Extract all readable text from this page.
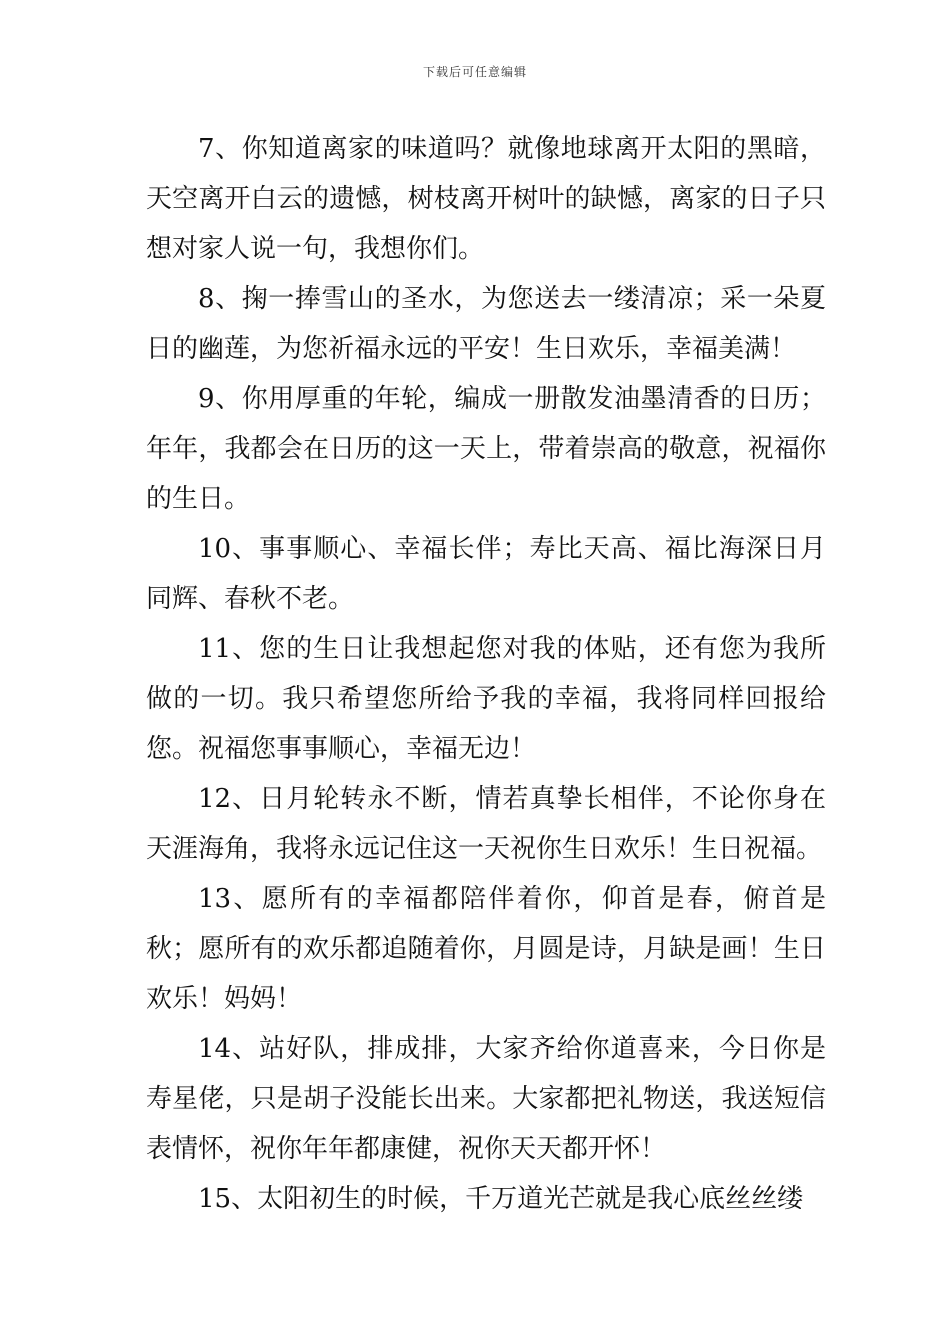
下载后可任意编辑

7、你知道离家的味道吗？就像地球离开太阳的黑暗，天空离开白云的遗憾，树枝离开树叶的缺憾，离家的日子只想对家人说一句，我想你们。

8、掬一捧雪山的圣水，为您送去一缕清凉；采一朵夏日的幽莲，为您祈福永远的平安！生日欢乐，幸福美满！

9、你用厚重的年轮，编成一册散发油墨清香的日历；年年，我都会在日历的这一天上，带着崇高的敬意，祝福你的生日。

10、事事顺心、幸福长伴；寿比天高、福比海深日月同辉、春秋不老。

11、您的生日让我想起您对我的体贴，还有您为我所做的一切。我只希望您所给予我的幸福，我将同样回报给您。祝福您事事顺心，幸福无边！

12、日月轮转永不断，情若真挚长相伴，不论你身在天涯海角，我将永远记住这一天祝你生日欢乐！生日祝福。

13、愿所有的幸福都陪伴着你，仰首是春，俯首是秋；愿所有的欢乐都追随着你，月圆是诗，月缺是画！生日欢乐！妈妈！

14、站好队，排成排，大家齐给你道喜来，今日你是寿星佬，只是胡子没能长出来。大家都把礼物送，我送短信表情怀，祝你年年都康健，祝你天天都开怀！

15、太阳初生的时候，千万道光芒就是我心底丝丝缕
